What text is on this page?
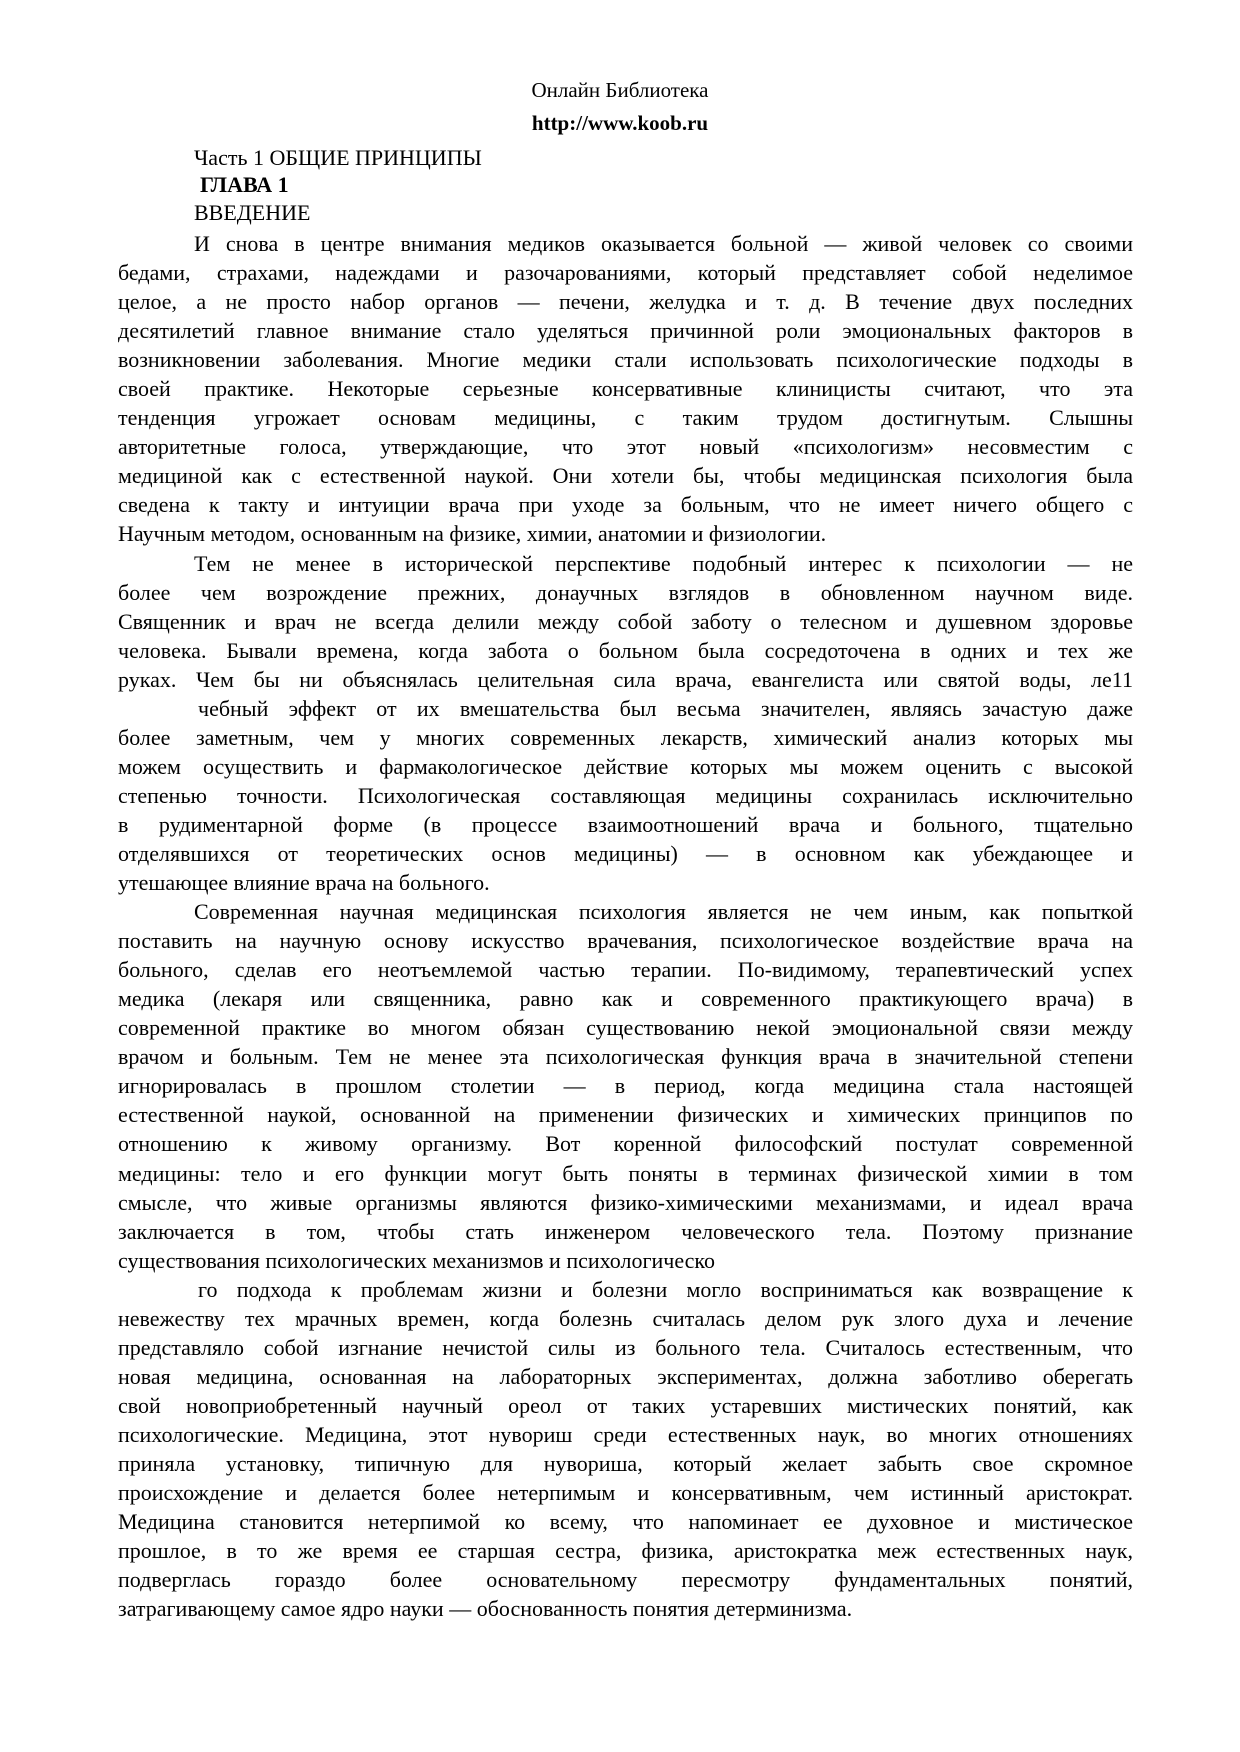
Онлайн Библиотека
http://www.koob.ru
Часть 1 ОБЩИЕ ПРИНЦИПЫ
ГЛАВА 1
ВВЕДЕНИЕ
И снова в центре внимания медиков оказывается больной — живой человек со своими
бедами, страхами, надеждами и разочарованиями, который представляет собой неделимое
целое, а не просто набор органов — печени, желудка и т. д. В течение двух последних
десятилетий главное внимание стало уделяться причинной роли эмоциональных факторов в
возникновении заболевания. Многие медики стали использовать психологические подходы в
своей практике. Некоторые серьезные консервативные клиницисты считают, что эта
тенденция угрожает основам медицины, с таким трудом достигнутым. Слышны
авторитетные голоса, утверждающие, что этот новый «психологизм» несовместим с
медициной как с естественной наукой. Они хотели бы, чтобы медицинская психология была
сведена к такту и интуиции врача при уходе за больным, что не имеет ничего общего с
Научным методом, основанным на физике, химии, анатомии и физиологии.
Тем не менее в исторической перспективе подобный интерес к психологии — не
более чем возрождение прежних, донаучных взглядов в обновленном научном виде.
Священник и врач не всегда делили между собой заботу о телесном и душевном здоровье
человека. Бывали времена, когда забота о больном была сосредоточена в одних и тех же
руках. Чем бы ни объяснялась целительная сила врача, евангелиста или святой воды, ле11
чебный эффект от их вмешательства был весьма значителен, являясь зачастую даже
более заметным, чем у многих современных лекарств, химический анализ которых мы
можем осуществить и фармакологическое действие которых мы можем оценить с высокой
степенью точности. Психологическая составляющая медицины сохранилась исключительно
в рудиментарной форме (в процессе взаимоотношений врача и больного, тщательно
отделявшихся от теоретических основ медицины) — в основном как убеждающее и
утешающее влияние врача на больного.
Современная научная медицинская психология является не чем иным, как попыткой
поставить на научную основу искусство врачевания, психологическое воздействие врача на
больного, сделав его неотъемлемой частью терапии. По-видимому, терапевтический успех
медика (лекаря или священника, равно как и современного практикующего врача) в
современной практике во многом обязан существованию некой эмоциональной связи между
врачом и больным. Тем не менее эта психологическая функция врача в значительной степени
игнорировалась в прошлом столетии — в период, когда медицина стала настоящей
естественной наукой, основанной на применении физических и химических принципов по
отношению к живому организму. Вот коренной философский постулат современной
медицины: тело и его функции могут быть поняты в терминах физической химии в том
смысле, что живые организмы являются физико-химическими механизмами, и идеал врача
заключается в том, чтобы стать инженером человеческого тела. Поэтому признание
существования психологических механизмов и психологическо
го подхода к проблемам жизни и болезни могло восприниматься как возвращение к
невежеству тех мрачных времен, когда болезнь считалась делом рук злого духа и лечение
представляло собой изгнание нечистой силы из больного тела. Считалось естественным, что
новая медицина, основанная на лабораторных экспериментах, должна заботливо оберегать
свой новоприобретенный научный ореол от таких устаревших мистических понятий, как
психологические. Медицина, этот нувориш среди естественных наук, во многих отношениях
приняла установку, типичную для нувориша, который желает забыть свое скромное
происхождение и делается более нетерпимым и консервативным, чем истинный аристократ.
Медицина становится нетерпимой ко всему, что напоминает ее духовное и мистическое
прошлое, в то же время ее старшая сестра, физика, аристократка меж естественных наук,
подверглась гораздо более основательному пересмотру фундаментальных понятий,
затрагивающему самое ядро науки — обоснованность понятия детерминизма.
